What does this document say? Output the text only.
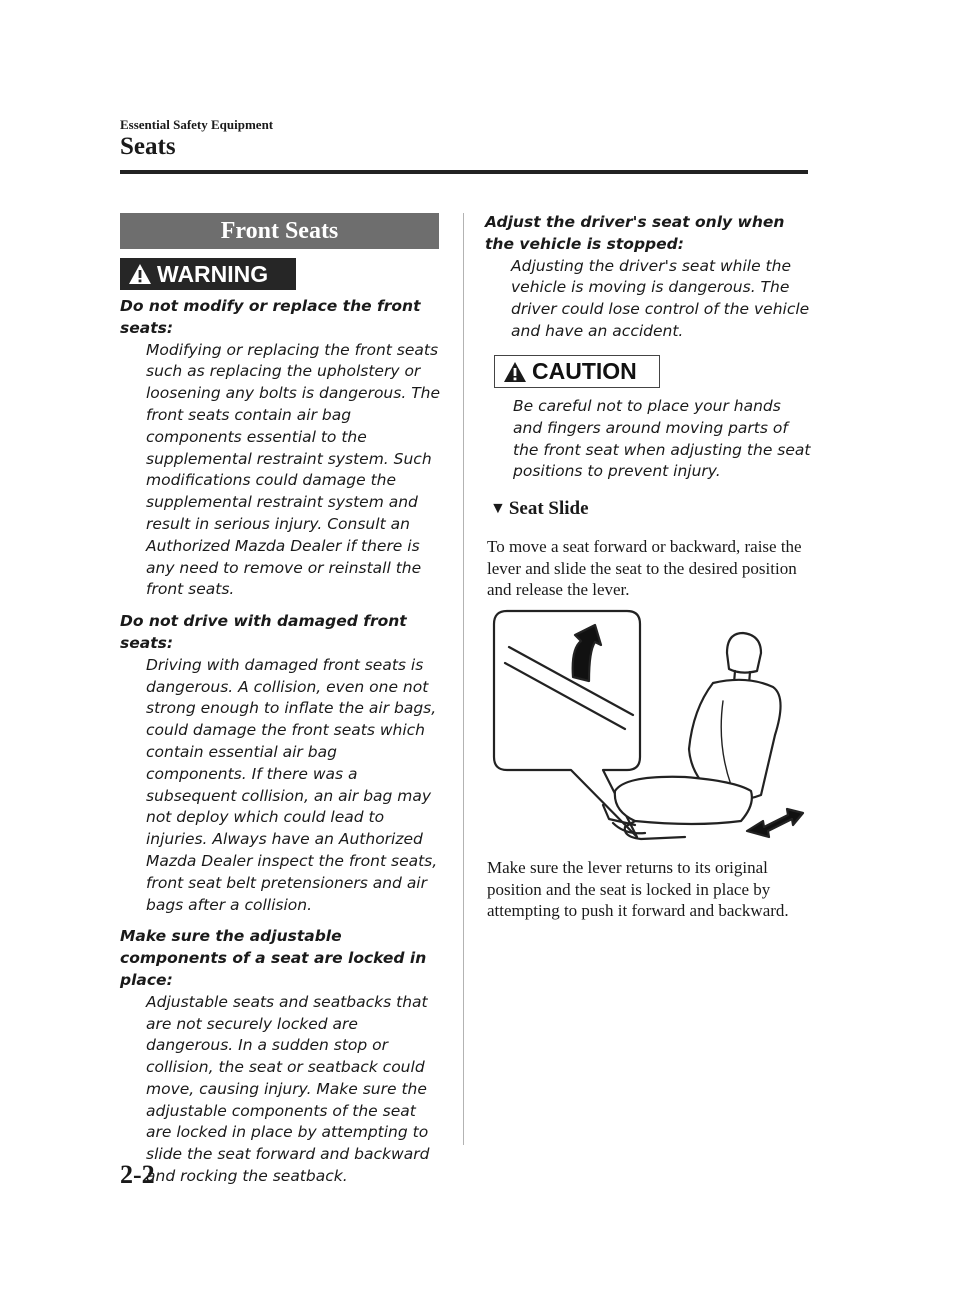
Essential Safety Equipment
Seats
Front Seats
WARNING
Do not modify or replace the front seats:
Modifying or replacing the front seats such as replacing the upholstery or loosening any bolts is dangerous. The front seats contain air bag components essential to the supplemental restraint system. Such modifications could damage the supplemental restraint system and result in serious injury. Consult an Authorized Mazda Dealer if there is any need to remove or reinstall the front seats.
Do not drive with damaged front seats:
Driving with damaged front seats is dangerous. A collision, even one not strong enough to inflate the air bags, could damage the front seats which contain essential air bag components. If there was a subsequent collision, an air bag may not deploy which could lead to injuries. Always have an Authorized Mazda Dealer inspect the front seats, front seat belt pretensioners and air bags after a collision.
Make sure the adjustable components of a seat are locked in place:
Adjustable seats and seatbacks that are not securely locked are dangerous. In a sudden stop or collision, the seat or seatback could move, causing injury. Make sure the adjustable components of the seat are locked in place by attempting to slide the seat forward and backward and rocking the seatback.
Adjust the driver's seat only when the vehicle is stopped:
Adjusting the driver's seat while the vehicle is moving is dangerous. The driver could lose control of the vehicle and have an accident.
CAUTION
Be careful not to place your hands and fingers around moving parts of the front seat when adjusting the seat positions to prevent injury.
▼ Seat Slide
To move a seat forward or backward, raise the lever and slide the seat to the desired position and release the lever.
Make sure the lever returns to its original position and the seat is locked in place by attempting to push it forward and backward.
2-2
